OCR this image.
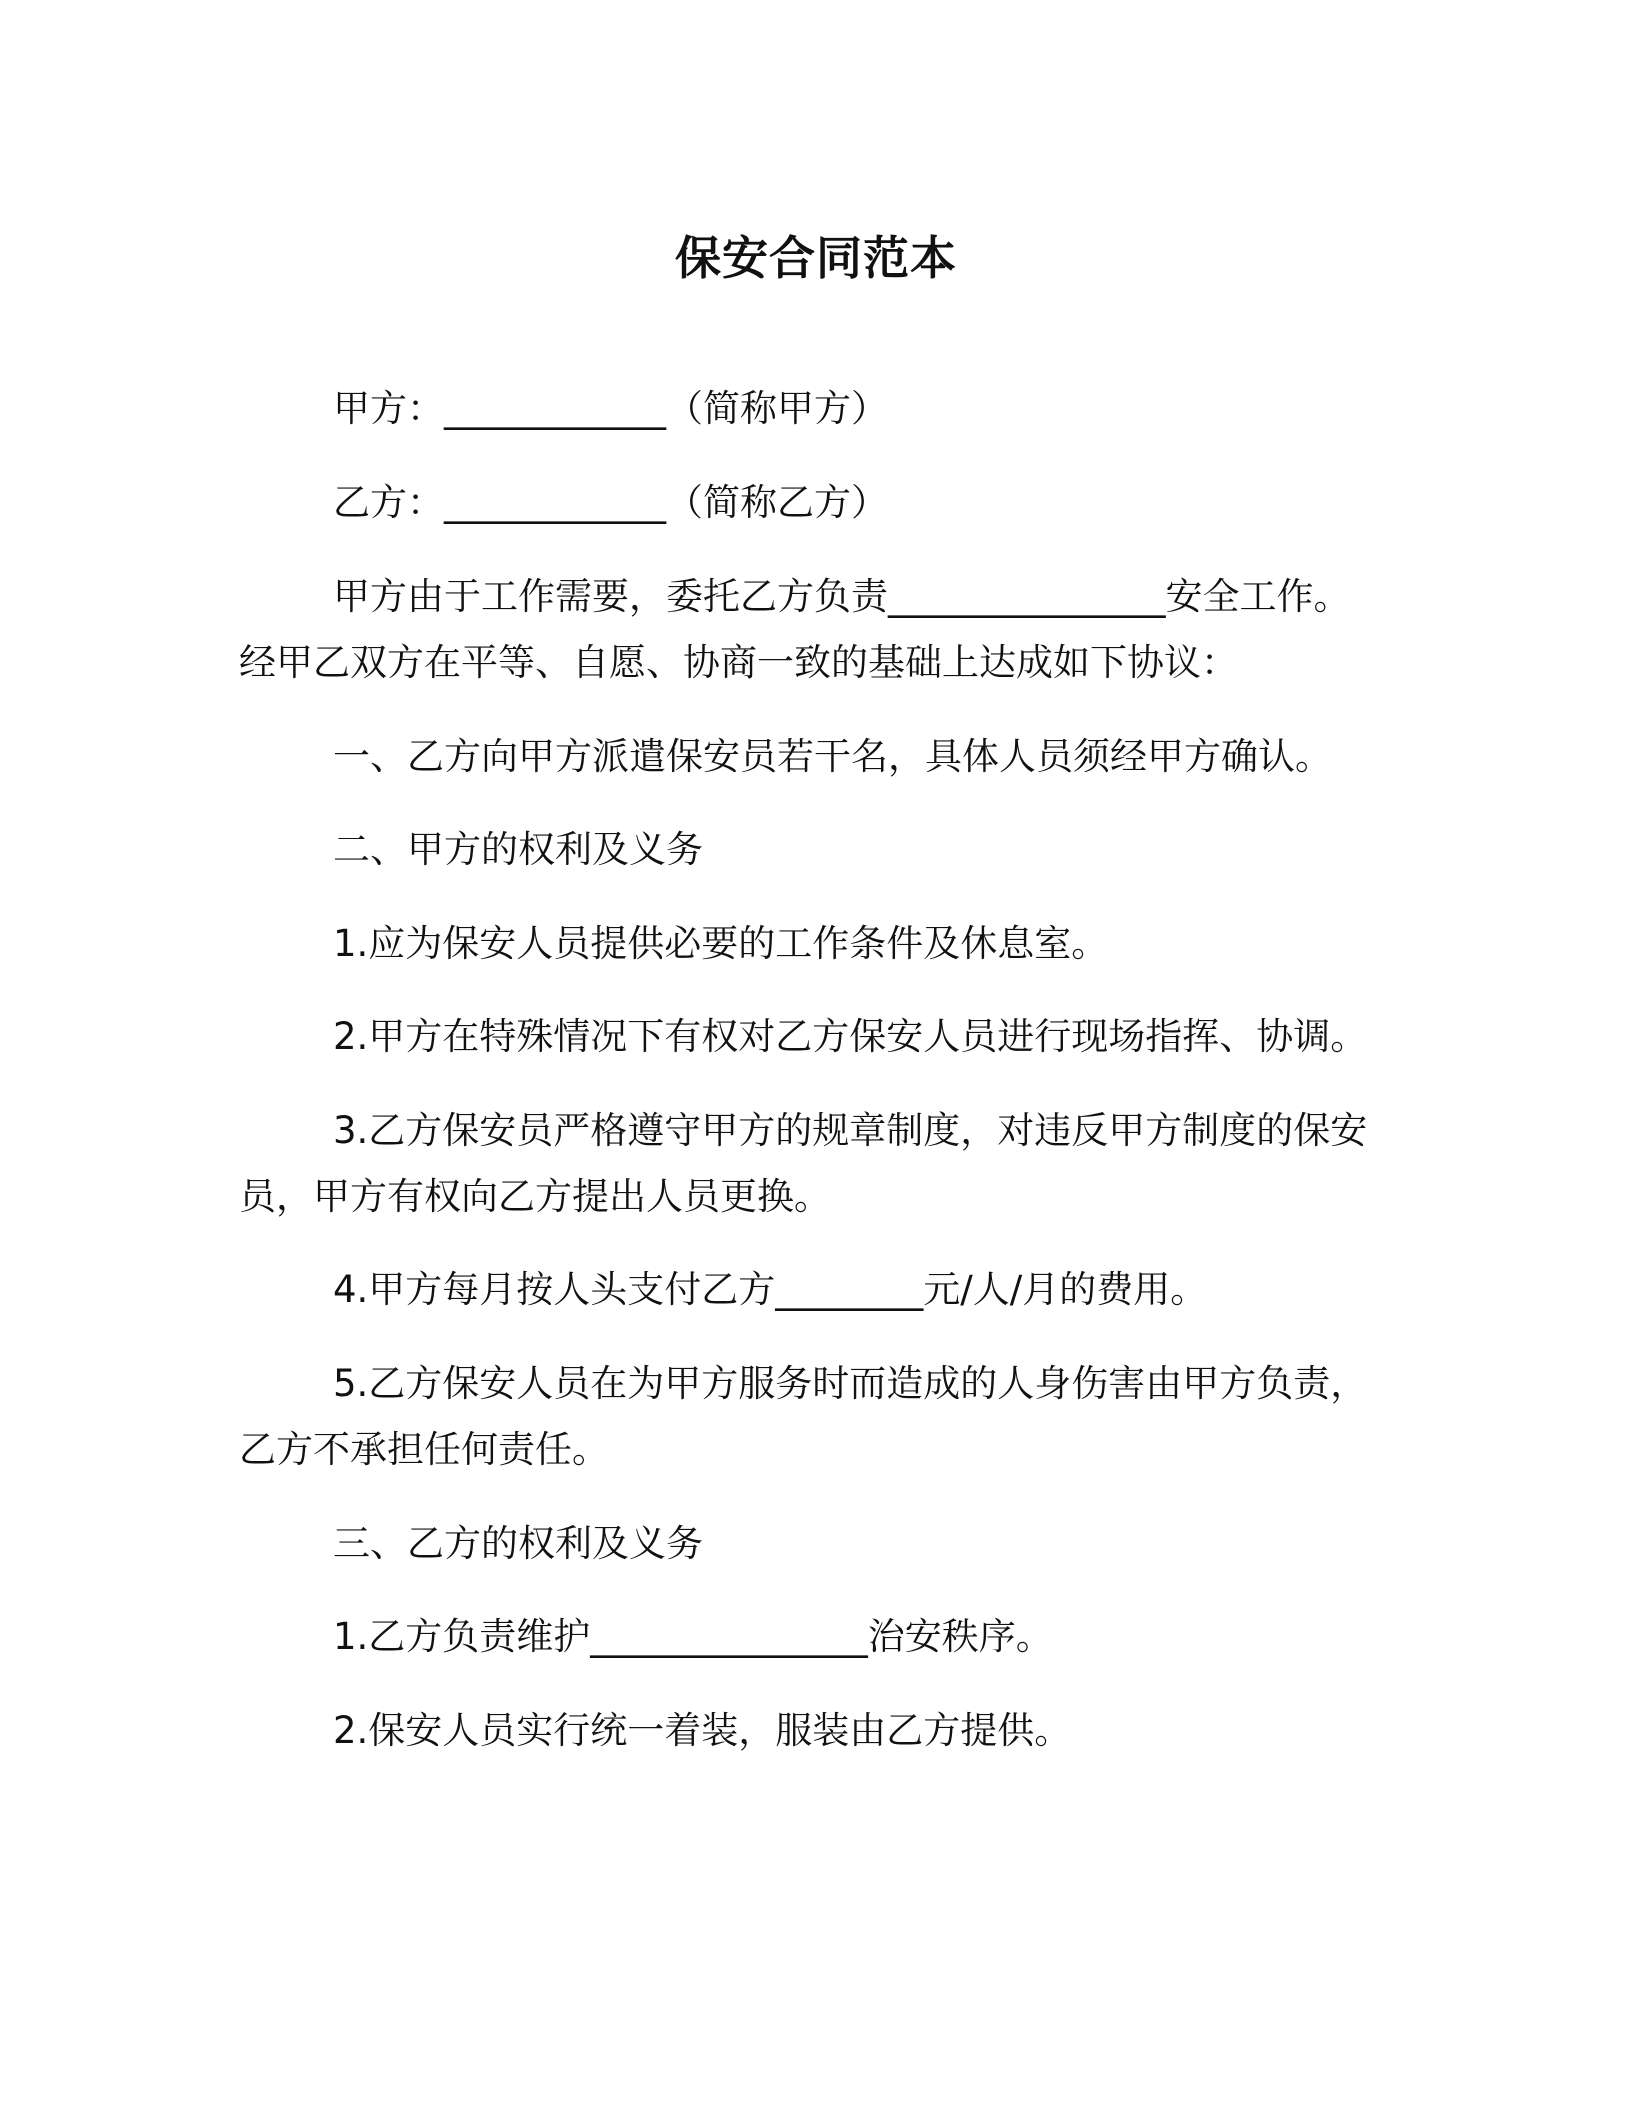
保安合同范本
甲方：____________（简称甲方）
乙方：____________（简称乙方）
甲方由于工作需要，委托乙方负责_______________安全工作。
经甲乙双方在平等、自愿、协商一致的基础上达成如下协议：
一、乙方向甲方派遣保安员若干名，具体人员须经甲方确认。
二、甲方的权利及义务
1.应为保安人员提供必要的工作条件及休息室。
2.甲方在特殊情况下有权对乙方保安人员进行现场指挥、协调。
3.乙方保安员严格遵守甲方的规章制度，对违反甲方制度的保安
员，甲方有权向乙方提出人员更换。
4.甲方每月按人头支付乙方________元/人/月的费用。
5.乙方保安人员在为甲方服务时而造成的人身伤害由甲方负责，
乙方不承担任何责任。
三、乙方的权利及义务
1.乙方负责维护_______________治安秩序。
2.保安人员实行统一着装，服装由乙方提供。
